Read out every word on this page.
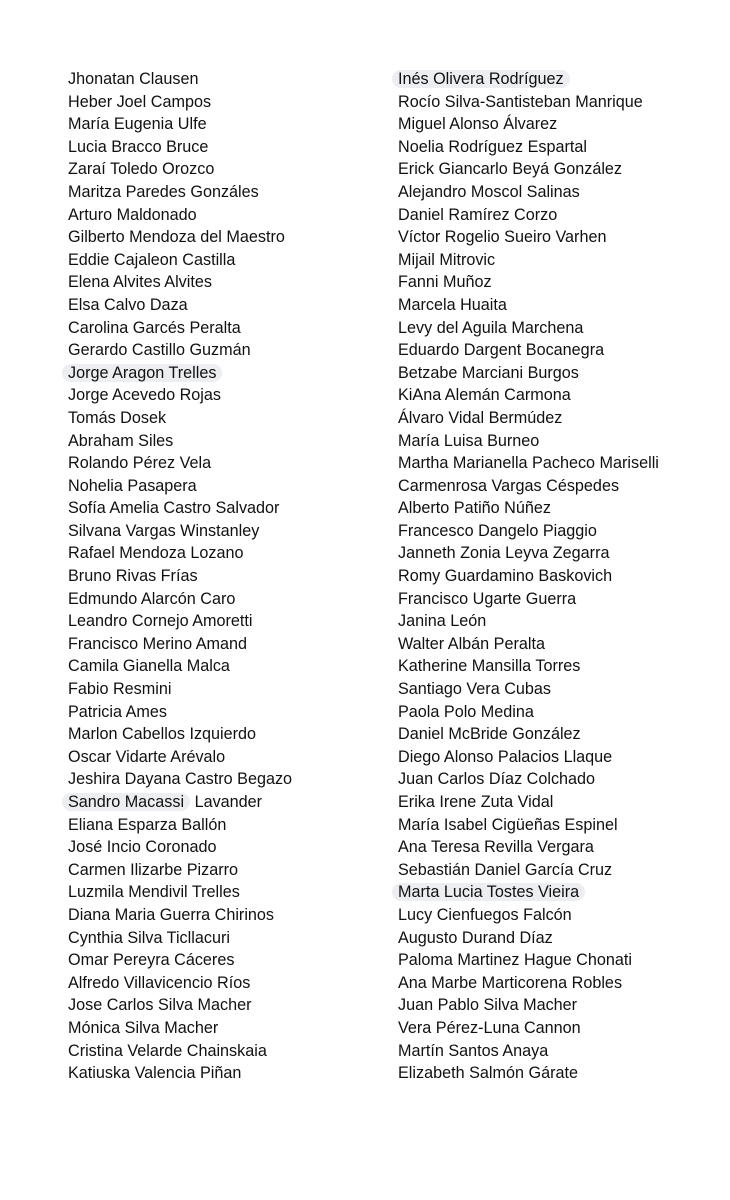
Jhonatan Clausen
Heber Joel Campos
María Eugenia Ulfe
Lucia Bracco Bruce
Zaraí Toledo Orozco
Maritza Paredes Gonzáles
Arturo Maldonado
Gilberto Mendoza del Maestro
Eddie Cajaleon Castilla
Elena Alvites Alvites
Elsa Calvo Daza
Carolina Garcés Peralta
Gerardo Castillo Guzmán
Jorge Aragon Trelles
Jorge Acevedo Rojas
Tomás Dosek
Abraham Siles
Rolando Pérez Vela
Nohelia Pasapera
Sofía Amelia Castro Salvador
Silvana Vargas Winstanley
Rafael Mendoza Lozano
Bruno Rivas Frías
Edmundo Alarcón Caro
Leandro Cornejo Amoretti
Francisco Merino Amand
Camila Gianella Malca
Fabio Resmini
Patricia Ames
Marlon Cabellos Izquierdo
Oscar Vidarte Arévalo
Jeshira Dayana Castro Begazo
Sandro Macassi Lavander
Eliana Esparza Ballón
José Incio Coronado
Carmen Ilizarbe Pizarro
Luzmila Mendivil Trelles
Diana Maria Guerra Chirinos
Cynthia Silva Ticllacuri
Omar Pereyra Cáceres
Alfredo Villavicencio Ríos
Jose Carlos Silva Macher
Mónica Silva Macher
Cristina Velarde Chainskaia
Katiuska Valencia Piñan
Inés Olivera Rodríguez
Rocío Silva-Santisteban Manrique
Miguel Alonso Álvarez
Noelia Rodríguez Espartal
Erick Giancarlo Beyá González
Alejandro Moscol Salinas
Daniel Ramírez Corzo
Víctor Rogelio Sueiro Varhen
Mijail Mitrovic
Fanni Muñoz
Marcela Huaita
Levy del Aguila Marchena
Eduardo Dargent Bocanegra
Betzabe Marciani Burgos
KiAna Alemán Carmona
Álvaro Vidal Bermúdez
María Luisa Burneo
Martha Marianella Pacheco Mariselli
Carmenrosa Vargas Céspedes
Alberto Patiño Núñez
Francesco Dangelo Piaggio
Janneth Zonia Leyva Zegarra
Romy Guardamino Baskovich
Francisco Ugarte Guerra
Janina León
Walter Albán Peralta
Katherine Mansilla Torres
Santiago Vera Cubas
Paola Polo Medina
Daniel McBride González
Diego Alonso Palacios Llaque
Juan Carlos Díaz Colchado
Erika Irene Zuta Vidal
María Isabel Cigüeñas Espinel
Ana Teresa Revilla Vergara
Sebastián Daniel García Cruz
Marta Lucia Tostes Vieira
Lucy Cienfuegos Falcón
Augusto Durand Díaz
Paloma Martinez Hague Chonati
Ana Marbe Marticorena Robles
Juan Pablo Silva Macher
Vera Pérez-Luna Cannon
Martín Santos Anaya
Elizabeth Salmón Gárate
